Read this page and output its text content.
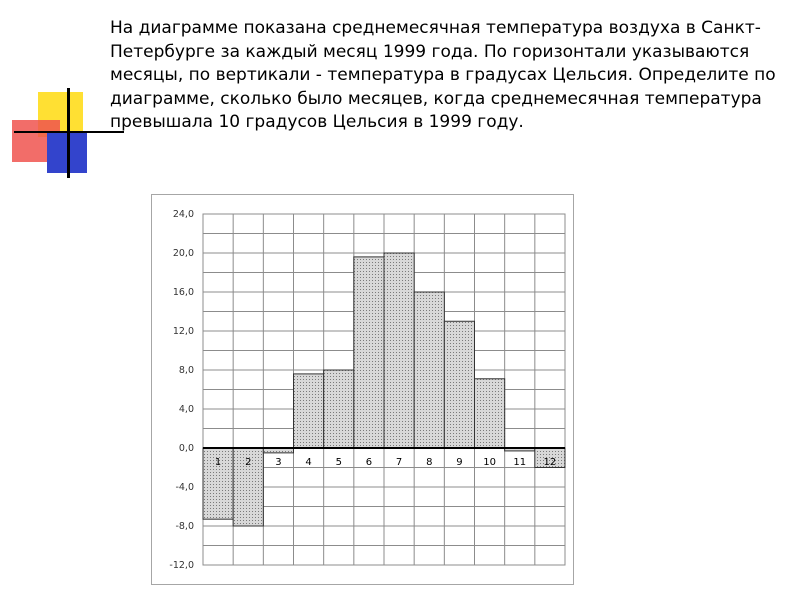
На диаграмме показана среднемесячная температура воздуха в Санкт-Петербурге за каждый месяц 1999 года. По горизонтали указываются месяцы, по вертикали - температура в градусах Цельсия. Определите по диаграмме, сколько было месяцев, когда среднемесячная температура превышала 10 градусов Цельсия в 1999 году.

-12,0
-8,0
-4,0
0,0
4,0
8,0
12,0
16,0
20,0
24,0
1 2 3 4 5 6 7 8 9 10 11 12
